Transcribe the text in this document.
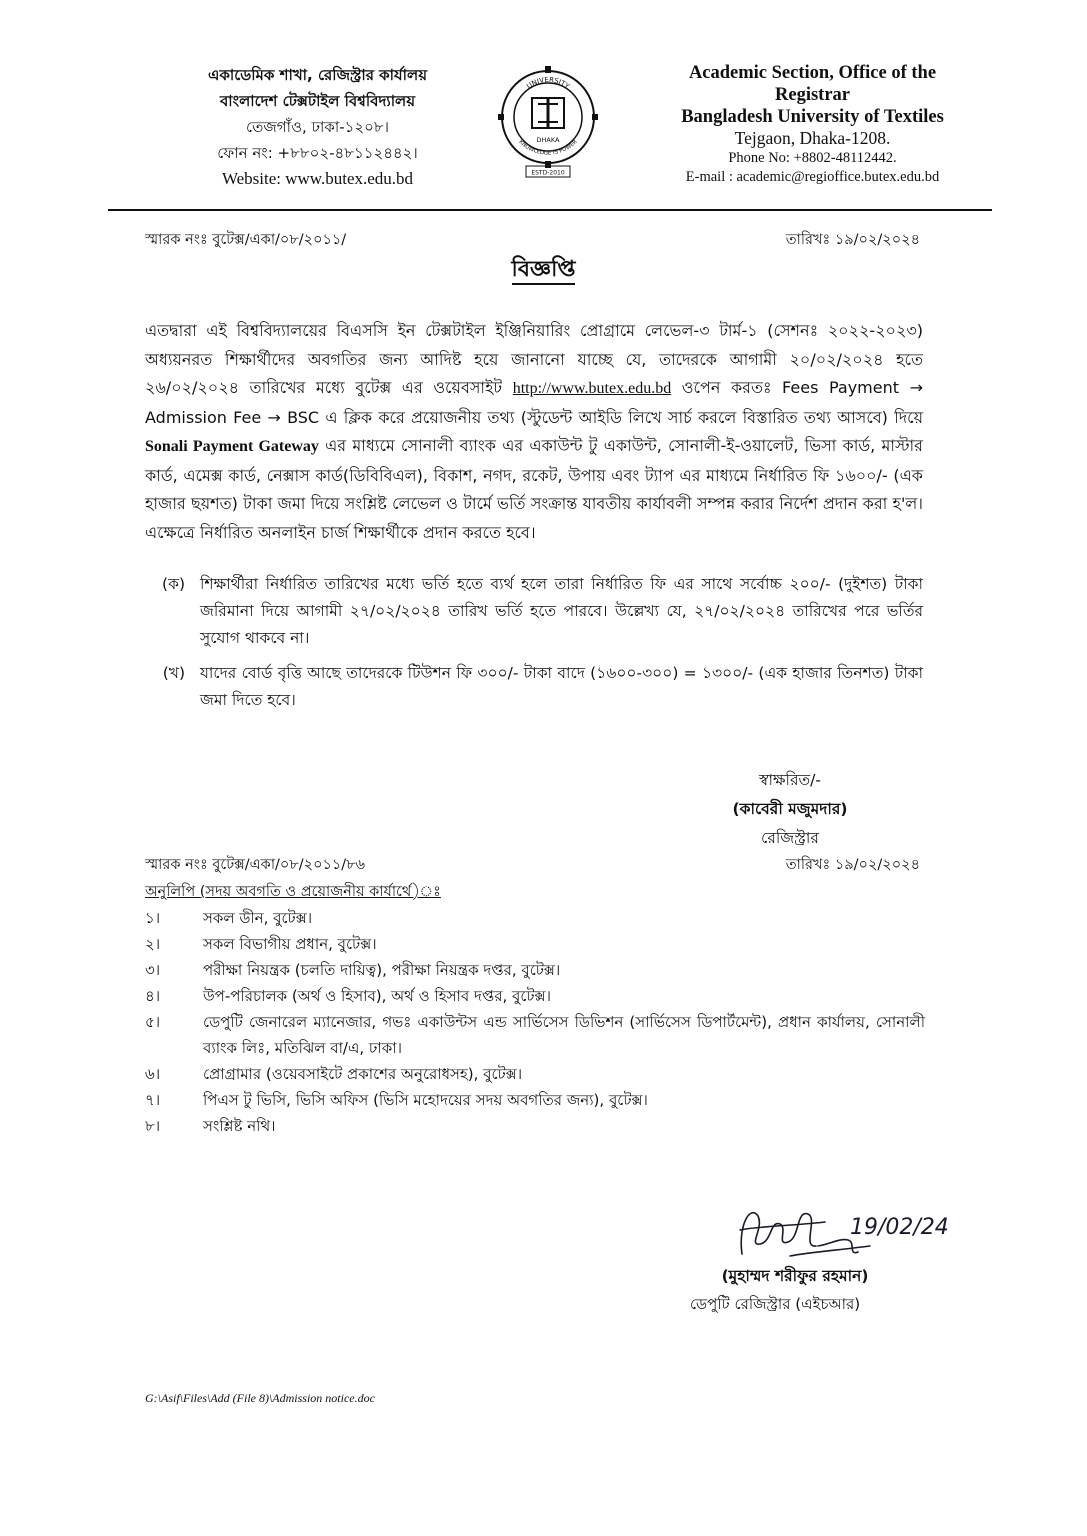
একাডেমিক শাখা, রেজিস্ট্রার কার্যালয়
বাংলাদেশ টেক্সটাইল বিশ্ববিদ্যালয়
তেজগাঁও, ঢাকা-১২০৮।
ফোন নং: +৮৮০২-৪৮১১২৪৪২।
Website: www.butex.edu.bd
UNIVERSITY
DHAKA
KNOWLEDGE IS POWER
ESTD-2010
Academic Section, Office of the
Registrar
Bangladesh University of Textiles
Tejgaon, Dhaka-1208.
Phone No: +8802-48112442.
E-mail : academic@regioffice.butex.edu.bd
স্মারক নংঃ বুটেক্স/একা/০৮/২০১১/	তারিখঃ ১৯/০২/২০২৪
বিজ্ঞপ্তি
এতদ্বারা এই বিশ্ববিদ্যালয়ের বিএসসি ইন টেক্সটাইল ইঞ্জিনিয়ারিং প্রোগ্রামে লেভেল-৩ টার্ম-১ (সেশনঃ ২০২২-২০২৩) অধ্যয়নরত শিক্ষার্থীদের অবগতির জন্য আদিষ্ট হয়ে জানানো যাচ্ছে যে, তাদেরকে আগামী ২০/০২/২০২৪ হতে ২৬/০২/২০২৪ তারিখের মধ্যে বুটেক্স এর ওয়েবসাইট http://www.butex.edu.bd ওপেন করতঃ Fees Payment → Admission Fee → BSC এ ক্লিক করে প্রয়োজনীয় তথ্য (স্টুডেন্ট আইডি লিখে সার্চ করলে বিস্তারিত তথ্য আসবে) দিয়ে Sonali Payment Gateway এর মাধ্যমে সোনালী ব্যাংক এর একাউন্ট টু একাউন্ট, সোনালী-ই-ওয়ালেট, ভিসা কার্ড, মাস্টার কার্ড, এমেক্স কার্ড, নেক্সাস কার্ড(ডিবিবিএল), বিকাশ, নগদ, রকেট, উপায় এবং ট্যাপ এর মাধ্যমে নির্ধারিত ফি ১৬০০/- (এক হাজার ছয়শত) টাকা জমা দিয়ে সংশ্লিষ্ট লেভেল ও টার্মে ভর্তি সংক্রান্ত যাবতীয় কার্যাবলী সম্পন্ন করার নির্দেশ প্রদান করা হ'ল। এক্ষেত্রে নির্ধারিত অনলাইন চার্জ শিক্ষার্থীকে প্রদান করতে হবে।
(ক) শিক্ষার্থীরা নির্ধারিত তারিখের মধ্যে ভর্তি হতে ব্যর্থ হলে তারা নির্ধারিত ফি এর সাথে সর্বোচ্চ ২০০/- (দুইশত) টাকা জরিমানা দিয়ে আগামী ২৭/০২/২০২৪ তারিখ ভর্তি হতে পারবে। উল্লেখ্য যে, ২৭/০২/২০২৪ তারিখের পরে ভর্তির সুযোগ থাকবে না।
(খ) যাদের বোর্ড বৃত্তি আছে তাদেরকে টিউশন ফি ৩০০/- টাকা বাদে (১৬০০-৩০০) = ১৩০০/- (এক হাজার তিনশত) টাকা জমা দিতে হবে।
স্বাক্ষরিত/-
(কাবেরী মজুমদার)
রেজিস্ট্রার
স্মারক নংঃ বুটেক্স/একা/০৮/২০১১/৮৬	তারিখঃ ১৯/০২/২০২৪
অনুলিপি (সদয় অবগতি ও প্রয়োজনীয় কার্যার্থে)ঃ
১।	সকল ডীন, বুটেক্স।
২।	সকল বিভাগীয় প্রধান, বুটেক্স।
৩।	পরীক্ষা নিয়ন্ত্রক (চলতি দায়িত্ব), পরীক্ষা নিয়ন্ত্রক দপ্তর, বুটেক্স।
৪।	উপ-পরিচালক (অর্থ ও হিসাব), অর্থ ও হিসাব দপ্তর, বুটেক্স।
৫।	ডেপুটি জেনারেল ম্যানেজার, গভঃ একাউন্টস এন্ড সার্ভিসেস ডিভিশন (সার্ভিসেস ডিপার্টমেন্ট), প্রধান কার্যালয়, সোনালী ব্যাংক লিঃ, মতিঝিল বা/এ, ঢাকা।
৬।	প্রোগ্রামার (ওয়েবসাইটে প্রকাশের অনুরোধসহ), বুটেক্স।
৭।	পিএস টু ভিসি, ভিসি অফিস (ভিসি মহোদয়ের সদয় অবগতির জন্য), বুটেক্স।
৮।	সংশ্লিষ্ট নথি।
19/02/24
(মুহাম্মদ শরীফুর রহমান)
ডেপুটি রেজিস্ট্রার (এইচআর)
G:\Asif\Files\Add (File 8)\Admission notice.doc
